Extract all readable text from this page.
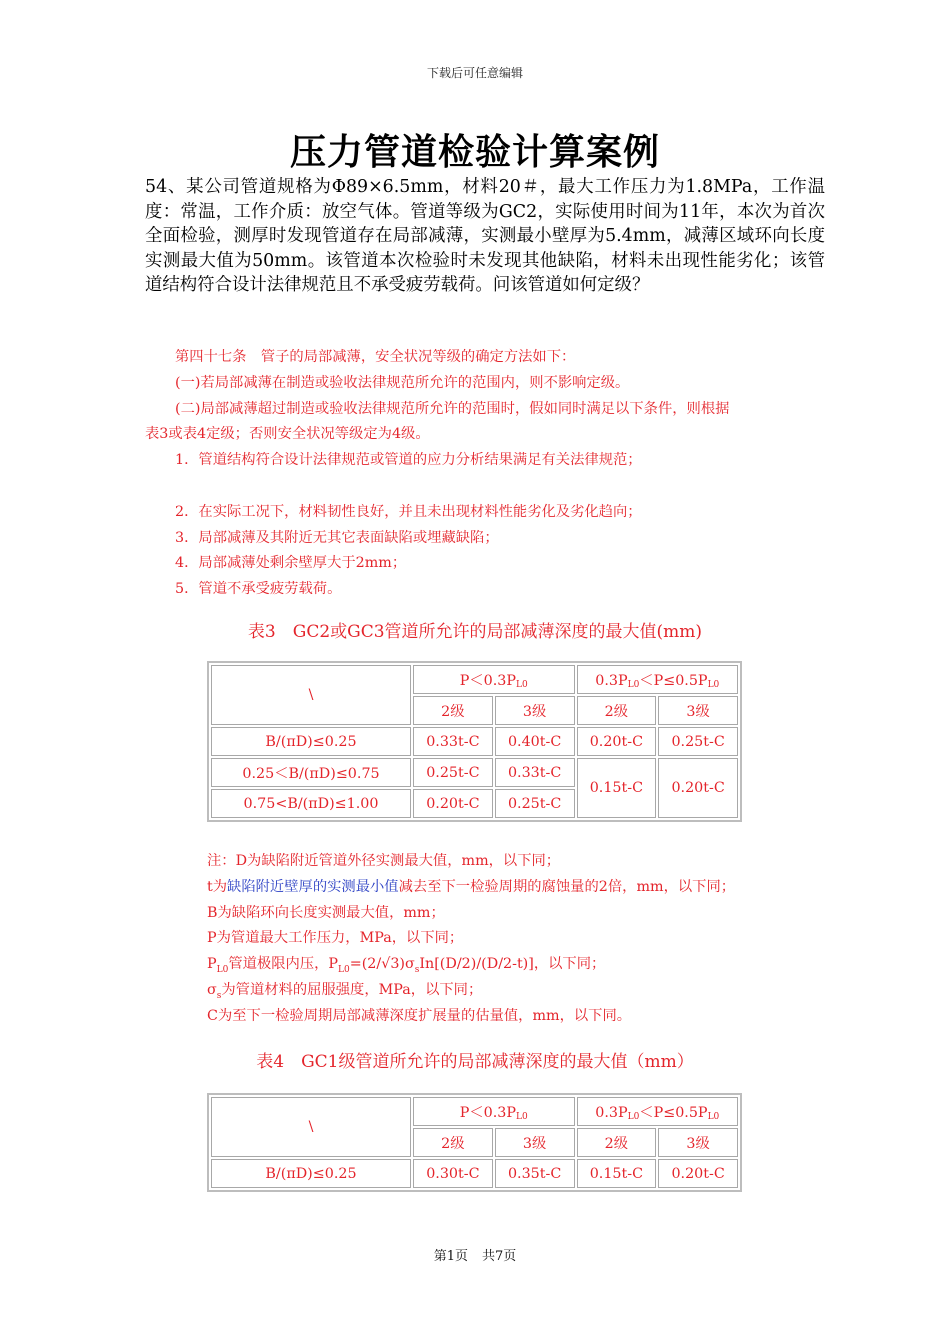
下载后可任意编辑
压力管道检验计算案例
54、某公司管道规格为Φ89×6.5mm，材料20＃，最大工作压力为1.8MPa，工作温度：常温，工作介质：放空气体。管道等级为GC2，实际使用时间为11年，本次为首次全面检验，测厚时发现管道存在局部减薄，实测最小壁厚为5.4mm，减薄区域环向长度实测最大值为50mm。该管道本次检验时未发现其他缺陷，材料未出现性能劣化；该管道结构符合设计法律规范且不承受疲劳载荷。问该管道如何定级？
第四十七条　管子的局部减薄，安全状况等级的确定方法如下：
(一)若局部减薄在制造或验收法律规范所允许的范围内，则不影响定级。
(二)局部减薄超过制造或验收法律规范所允许的范围时，假如同时满足以下条件，则根据
表3或表4定级；否则安全状况等级定为4级。
1．管道结构符合设计法律规范或管道的应力分析结果满足有关法律规范；
2．在实际工况下，材料韧性良好，并且未出现材料性能劣化及劣化趋向；
3．局部减薄及其附近无其它表面缺陷或埋藏缺陷；
4．局部减薄处剩余壁厚大于2mm；
5．管道不承受疲劳载荷。
表3　GC2或GC3管道所允许的局部减薄深度的最大值(mm)
\	$P<0.3P_{L0}$		$0.3P_{L0}<P\le 0.5P_{L0}$
	2级	3级	2级	3级
B/(πD)≤0.25	0.33t-C	0.40t-C	0.20t-C	0.25t-C
0.25＜B/(πD)≤0.75	0.25t-C	0.33t-C	0.15t-C	0.20t-C
0.75<B/(πD)≤1.00	0.20t-C	0.25t-C		
注：D为缺陷附近管道外径实测最大值，mm，以下同；
t为缺陷附近壁厚的实测最小值减去至下一检验周期的腐蚀量的2倍，mm，以下同；
B为缺陷环向长度实测最大值，mm；
P为管道最大工作压力，MPa，以下同；
$P_{L0}$管道极限内压，$P_{L0}=(2/√3)\sigma_sIn[(D/2)/(D/2-t)]$，以下同；
$\sigma_s$为管道材料的屈服强度，MPa，以下同；
C为至下一检验周期局部减薄深度扩展量的估量值，mm，以下同。
表4　GC1级管道所允许的局部减薄深度的最大值（mm）
\	$P<0.3P_{L0}$		$0.3P_{L0}<P\le 0.5P_{L0}$
	2级	3级	2级	3级
B/(πD)≤0.25	0.30t-C	0.35t-C	0.15t-C	0.20t-C
第1页 共7页
